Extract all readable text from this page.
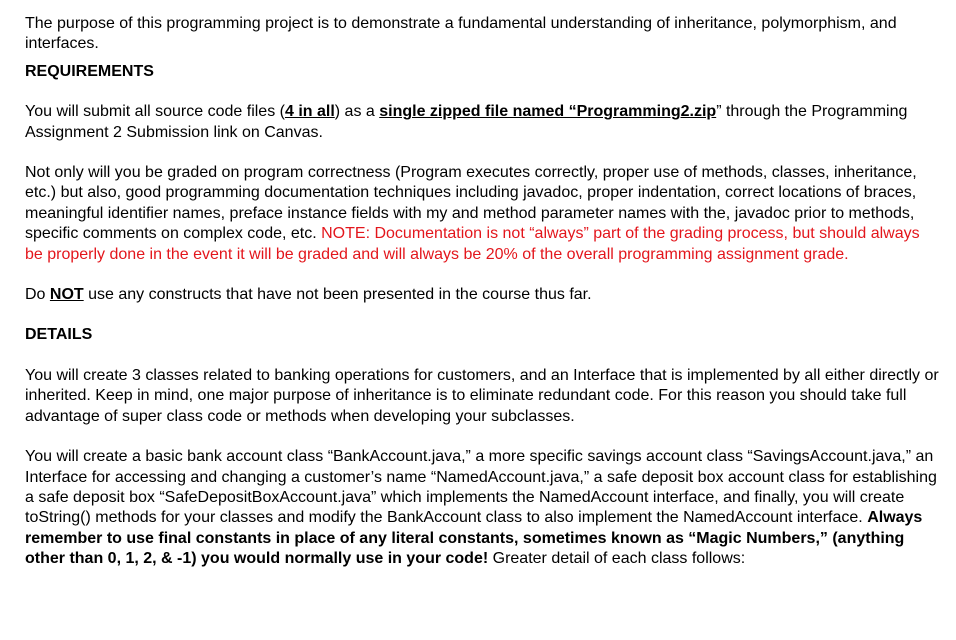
The purpose of this programming project is to demonstrate a fundamental understanding of inheritance, polymorphism, and interfaces.

REQUIREMENTS

You will submit all source code files (4 in all) as a single zipped file named “Programming2.zip” through the Programming Assignment 2 Submission link on Canvas.

Not only will you be graded on program correctness (Program executes correctly, proper use of methods, classes, inheritance, etc.) but also, good programming documentation techniques including javadoc, proper indentation, correct locations of braces, meaningful identifier names, preface instance fields with my and method parameter names with the, javadoc prior to methods, specific comments on complex code, etc. NOTE: Documentation is not “always” part of the grading process, but should always be properly done in the event it will be graded and will always be 20% of the overall programming assignment grade.

Do NOT use any constructs that have not been presented in the course thus far.

DETAILS

You will create 3 classes related to banking operations for customers, and an Interface that is implemented by all either directly or inherited. Keep in mind, one major purpose of inheritance is to eliminate redundant code. For this reason you should take full advantage of super class code or methods when developing your subclasses.

You will create a basic bank account class “BankAccount.java,” a more specific savings account class “SavingsAccount.java,” an Interface for accessing and changing a customer’s name “NamedAccount.java,” a safe deposit box account class for establishing a safe deposit box “SafeDepositBoxAccount.java” which implements the NamedAccount interface, and finally, you will create toString() methods for your classes and modify the BankAccount class to also implement the NamedAccount interface. Always remember to use final constants in place of any literal constants, sometimes known as “Magic Numbers,” (anything other than 0, 1, 2, & -1) you would normally use in your code! Greater detail of each class follows:
